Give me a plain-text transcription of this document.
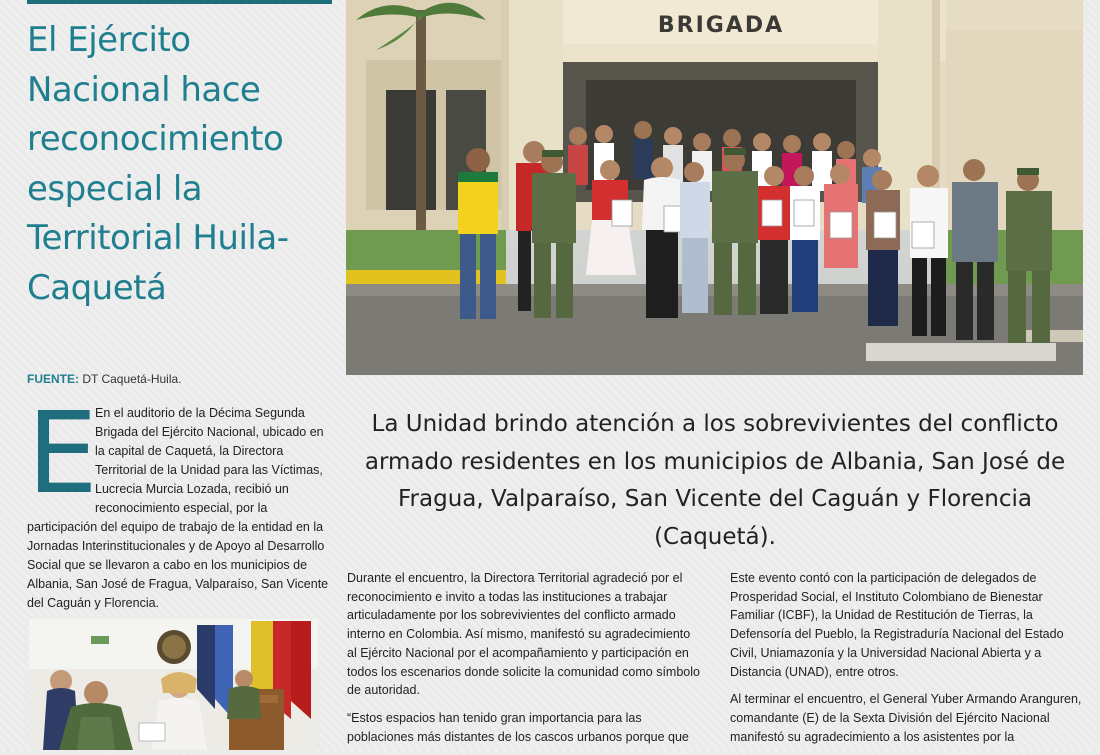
El Ejército Nacional hace reconocimiento especial la Territorial Huila-Caquetá
FUENTE: DT Caquetá-Huila.
E
En el auditorio de la Décima Segunda Brigada del Ejército Nacional, ubicado en la capital de Caquetá, la Directora Territorial de la Unidad para las Víctimas, Lucrecia Murcia Lozada, recibió un reconocimiento especial, por la participación del equipo de trabajo de la entidad en la Jornadas Interinstitucionales y de Apoyo al Desarrollo Social que se llevaron a cabo en los municipios de Albania, San José de Fragua, Valparaíso, San Vicente del Caguán y Florencia.
BRIGADA
La Unidad brindo atención a los sobrevivientes del conflicto armado residentes en los municipios de Albania, San José de Fragua, Valparaíso, San Vicente del Caguán y Florencia (Caquetá).

Durante el encuentro, la Directora Territorial agradeció por el reconocimiento e invito a todas las instituciones a trabajar articuladamente por los sobrevivientes del conflicto armado interno en Colombia. Así mismo, manifestó su agradecimiento al Ejército Nacional por el acompañamiento y participación en todos los escenarios donde solicite la comunidad como símbolo de autoridad.

“Estos espacios han tenido gran importancia para las poblaciones más distantes de los cascos urbanos porque que

Este evento contó con la participación de delegados de Prosperidad Social, el Instituto Colombiano de Bienestar Familiar (ICBF), la Unidad de Restitución de Tierras, la Defensoría del Pueblo, la Registraduría Nacional del Estado Civil, Uniamazonía y la Universidad Nacional Abierta y a Distancia (UNAD), entre otros.

Al terminar el encuentro, el General Yuber Armando Aranguren, comandante (E) de la Sexta División del Ejército Nacional manifestó su agradecimiento a los asistentes por la
